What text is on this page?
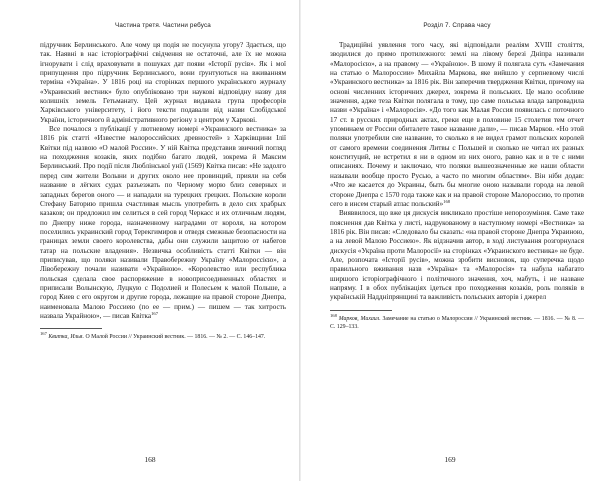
Частина третя. Частини ребуса

підручник Берлинського. Але чому ця подія не посунула угору? Здається, що так. Наявні в нас історіографічні свідчення не остаточні, але їх не можна ігнорувати і слід враховувати в пошуках дат появи «Історії русів». Як і мої припущення про підручник Берлинського, вони ґрунтуються на вживанням терміна «Україна». У 1816 році на сторінках першого українського журналу «Украинский вестник» було опубліковано три наукові відповідну назву для колишніх земель Гетьманату. Цей журнал видавала група професорів Харківського університету, і його тексти подавали від назви Слобідської України, історичного й адміністративного регіону з центром у Харкові.

Все почалося з публікації у лютневому номері «Украинского вестника» за 1816 рік статті «Известие малороссийских древностей» з Харківщини Ілії Квітки під назвою «О малой России». У ній Квітка представив звичний погляд на походження козаків, яких подібно багато людей, зокрема й Максим Берлинський. Про події після Люблінської унії (1569) Квітка писав: «Не задолго перед сим жители Волыни и других около нее провинций, прияли на себя название в лёгких судах разъезжать по Черному морю близ северных и западных берегов оного — и нападали на турецких грецких. Польские короли Стефану Баторию пришла счастливая мысль употребить в дело сих храбрых казаков; он предложил им селиться в сей город Черкасс и их отличным людям, по Днепру ниже города, назначенному наградами от короля, на котором поселились украинский город Терекгимиров и отведя смежные безопасности на границах земли своего королевства, дабы они служили защитою от набегов татар на польские владения». Незвичка особливість статті Квітки — він приписував, що поляки називали Правобережну Україну «Малороссією», а Лівобережну почали називати «Украйною». «Королевство или республика польская сделала свое распоряжение в новоприсоединенных областях и приписали Волынскую, Луцкую с Подолией и Полесьем к малой Польше, а город Киев с его округом и другие города, лежащие на правой стороне Днепра, наименовала Малою Россиею (по ее — прим.) — пишем — так хитрость назвала Украйною», — писав Квітка$^{167}$

$^{167}$ Квитка, Илья. О Малой России // Украинский вестник. — 1816. — № 2. — С. 146–147.
168
Розділ 7. Справа часу

Традиційні уявлення того часу, які відповідали реаліям XVIII століття, зводилися до прямо протилежного: землі на лівому березі Дніпра називали «Малоросією», а на правому — «Україною». В шому й полягала суть «Замечания на статью о Малороссии» Михайла Маркова, яке вийшло у серпневому числі «Украинского вестника» за 1816 рік. Він заперечив твердження Квітки, причому на основі численних історичних джерел, зокрема й польських. Це мало особливе значення, адже теза Квітки полягала в тому, що саме польська влада запровадила назви «Україна» і «Малоросія». «До того как Малая Россия появилась с поточного 17 ст. в русских природных актах, греки еще в половине 15 столетия тем отчет упоминаем от России обиталете такое название дали», — писав Марков. «Но этой поляки употребили сие название, то сколько я не видел грамот польских королей от самого времени соединения Литвы с Польшей и сколько не читал их разных конституций, не встретил я ни в одном из них оного, равно как и в те с ними описаниях. Почему и заключаю, что поляки вышеозначенные же наши области называли вообще просто Русью, а часто по многим областям». Він ніби додав: «Что же касается до Украины, быть бы многие оною называли города на левой стороне Днепра с 1570 года также как и на правой стороне Малороссию, то против сего в инсем старый атлас польский»$^{168}$

Вияввилося, що вже ця дискусія викликало простіше непорозуміння. Саме таке пояснення дав Квітка у листі, надрукованому в наступному номері «Вестника» за 1816 рік. Він писав: «Следовало бы сказать: «на правой стороне Днепра Украиною, а на левой Малою Россиею». Як відзначив автор, в ході листування розгорнулася дискусія «Україна проти Малоросії» на сторінках «Украинского вестника» не буде. Але, розпочата «Історії русів», можна зробити висновок, що суперечка щодо правильного вживання назв «Україна» та «Малоросія» та набула набагато ширшого історіографічного і політичного значення, хоч, мабуть, і не назване напряму. І в обох публікаціях ідеться про походження козаків, роль поляків в українській Наддніпрянщині та важливість польських авторів і джерел

$^{168}$ Марков, Михаил. Замечание на статью о Малороссии // Украинский вестник. — 1816. — № 8. — С. 129–133.
169
